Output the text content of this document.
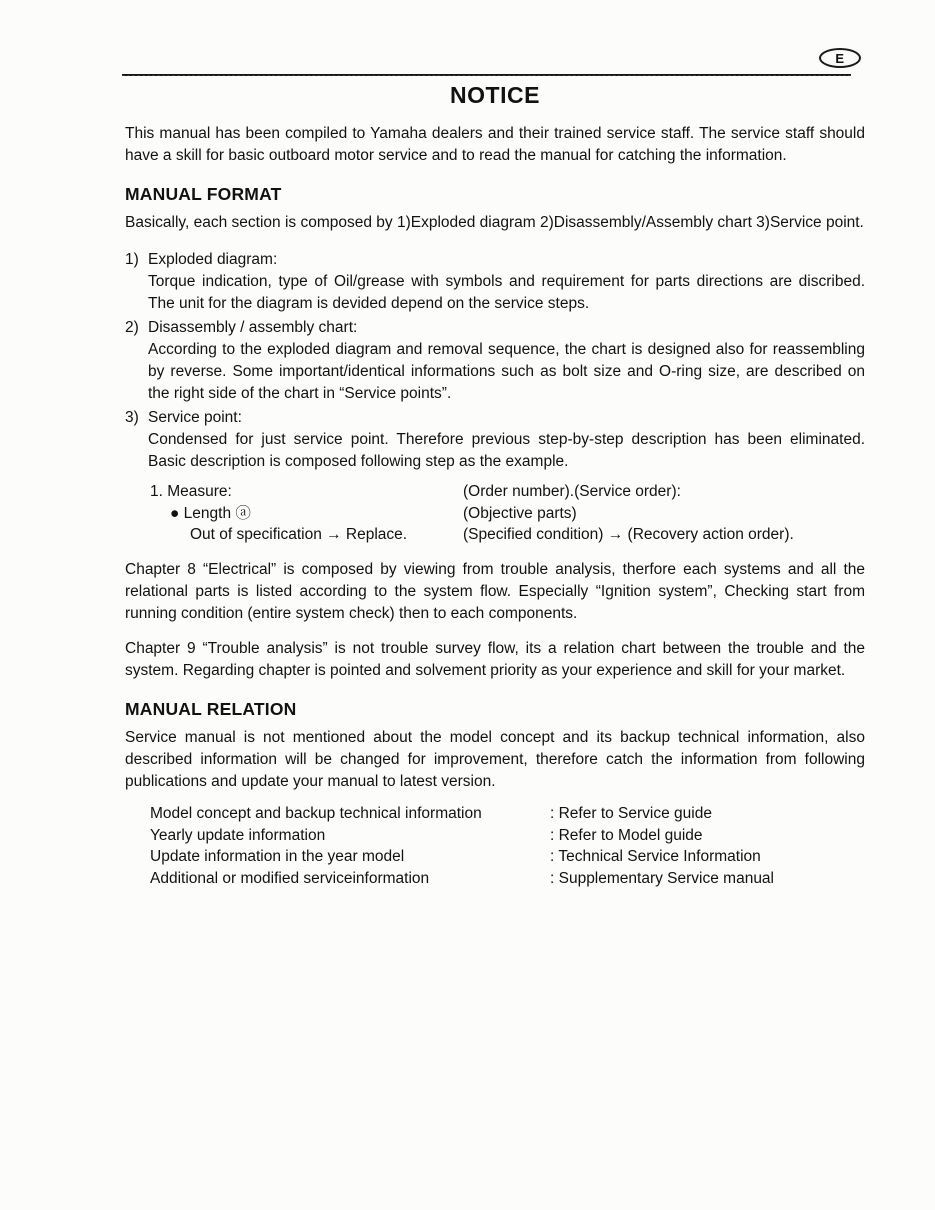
E
NOTICE

This manual has been compiled to Yamaha dealers and their trained service staff. The service staff should have a skill for basic outboard motor service and to read the manual for catching the information.

MANUAL FORMAT

Basically, each section is composed by 1)Exploded diagram 2)Disassembly/Assembly chart 3)Service point.

1) Exploded diagram:
Torque indication, type of Oil/grease with symbols and requirement for parts directions are discribed. The unit for the diagram is devided depend on the service steps.
2) Disassembly / assembly chart:
According to the exploded diagram and removal sequence, the chart is designed also for reassembling by reverse. Some important/identical informations such as bolt size and O-ring size, are described on the right side of the chart in “Service points”.
3) Service point:
Condensed for just service point. Therefore previous step-by-step description has been eliminated. Basic description is composed following step as the example.
1. Measure:	(Order number).(Service order):
● Length ⓐ	(Objective parts)
Out of specification → Replace.	(Specified condition) → (Recovery action order).

Chapter 8 “Electrical” is composed by viewing from trouble analysis, therfore each systems and all the relational parts is listed according to the system flow. Especially “Ignition system”, Checking start from running condition (entire system check) then to each components.

Chapter 9 “Trouble analysis” is not trouble survey flow, its a relation chart between the trouble and the system. Regarding chapter is pointed and solvement priority as your experience and skill for your market.

MANUAL RELATION

Service manual is not mentioned about the model concept and its backup technical information, also described information will be changed for improvement, therefore catch the information from following publications and update your manual to latest version.

Model concept and backup technical information	: Refer to Service guide
Yearly update information	: Refer to Model guide
Update information in the year model	: Technical Service Information
Additional or modified serviceinformation	: Supplementary Service manual
